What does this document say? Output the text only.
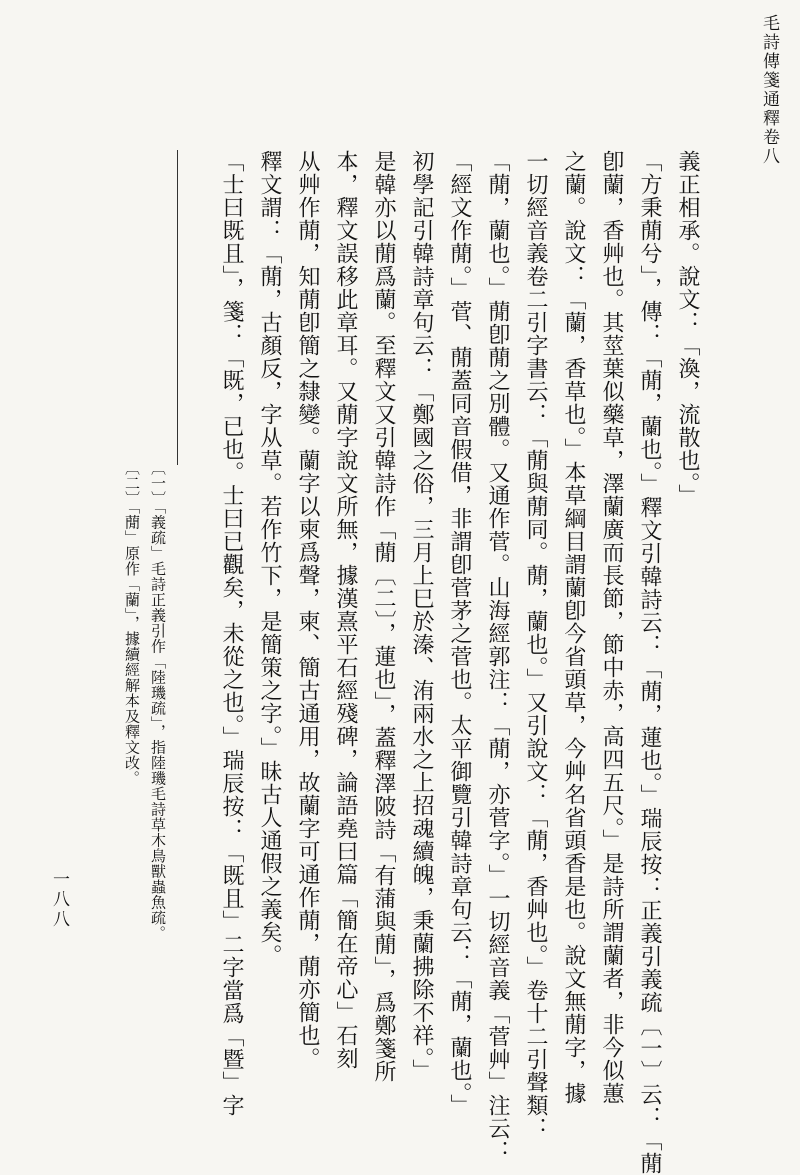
毛詩傳箋通釋卷八
義正相承。說文：「渙，流散也。」
「方秉蕑兮」，傳：「蕑，蘭也。」釋文引韓詩云：「蕑，蓮也。」瑞辰按：正義引義疏〔一〕云：「蕑
卽蘭，香艸也。其莖葉似藥草，澤蘭廣而長節，節中赤，高四五尺。」是詩所謂蘭者，非今似蕙
之蘭。說文：「蘭，香草也。」本草綱目謂蘭卽今省頭草，今艸名省頭香是也。說文無蕑字，據
一切經音義卷二引字書云：「蕑與蕑同。蕑，蘭也。」又引說文：「蕑，香艸也。」卷十二引聲類：
「蕑，蘭也。」蕑卽蕑之別體。又通作菅。山海經郭注：「蕑，亦菅字。」一切經音義「菅艸」注云：
「經文作蕑。」菅、蕑蓋同音假借，非謂卽菅茅之菅也。太平御覽引韓詩章句云：「蕑，蘭也。」
初學記引韓詩章句云：「鄭國之俗，三月上巳於溱、洧兩水之上招魂續魄，秉蘭拂除不祥。」
是韓亦以蕑爲蘭。至釋文又引韓詩作「蕑〔二〕，蓮也」，蓋釋澤陂詩「有蒲與蕑」，爲鄭箋所
本，釋文誤移此章耳。又蕑字說文所無，據漢熹平石經殘碑，論語堯曰篇「簡在帝心」石刻
从艸作蕑，知蕑卽簡之隸變。蘭字以柬爲聲，柬、簡古通用，故蘭字可通作蕑，蕑亦簡也。
釋文謂：「蕑，古顏反，字从草。若作竹下，是簡策之字。」昧古人通假之義矣。
「士曰既且」，箋：「既，已也。士曰已觀矣，未從之也。」瑞辰按：「既且」二字當爲「暨」字
〔一〕「義疏」毛詩正義引作「陸璣疏」，指陸璣毛詩草木鳥獸蟲魚疏。
〔二〕「蕑」原作「蘭」，據續經解本及釋文改。
一八八
